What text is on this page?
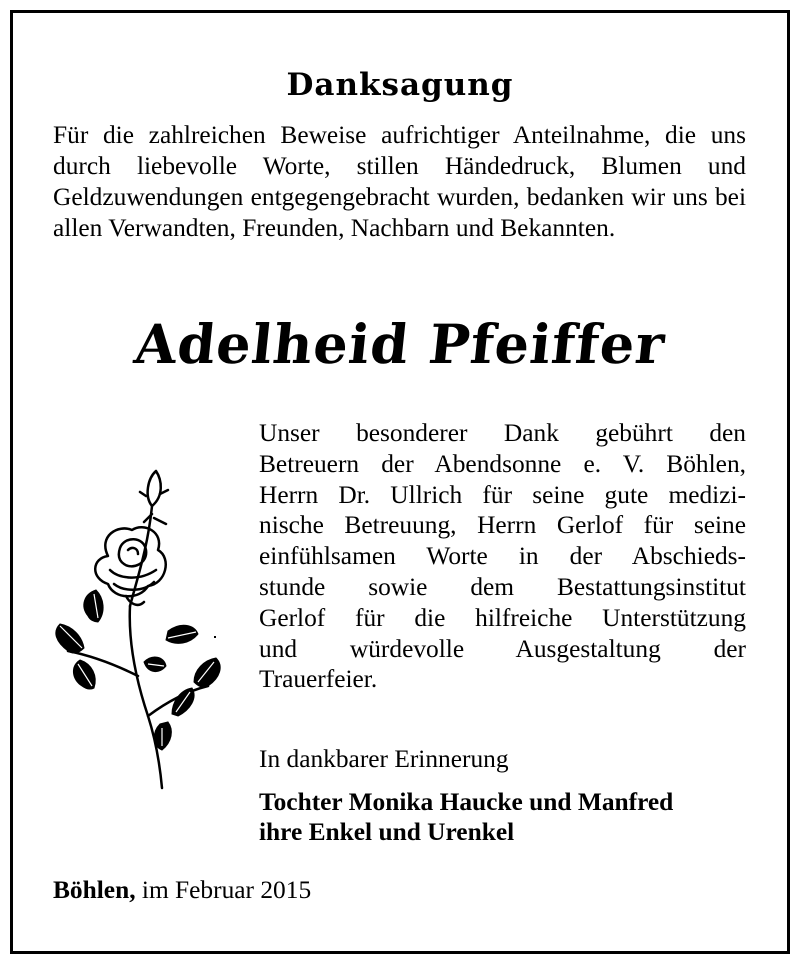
Danksagung
Für die zahlreichen Beweise aufrichtiger Anteilnahme, die uns durch liebevolle Worte, stillen Händedruck, Blumen und Geldzuwendungen entgegengebracht wurden, bedanken wir uns bei allen Verwandten, Freunden, Nachbarn und Bekannten.
Adelheid Pfeiffer
Unser besonderer Dank gebührt den
Betreuern der Abendsonne e. V. Böhlen,
Herrn Dr. Ullrich für seine gute medizi-
nische Betreuung, Herrn Gerlof für seine
einfühlsamen Worte in der Abschieds-
stunde sowie dem Bestattungsinstitut
Gerlof für die hilfreiche Unterstützung
und würdevolle Ausgestaltung der
Trauerfeier.
In dankbarer Erinnerung
Tochter Monika Haucke und Manfred
ihre Enkel und Urenkel
Böhlen, im Februar 2015
